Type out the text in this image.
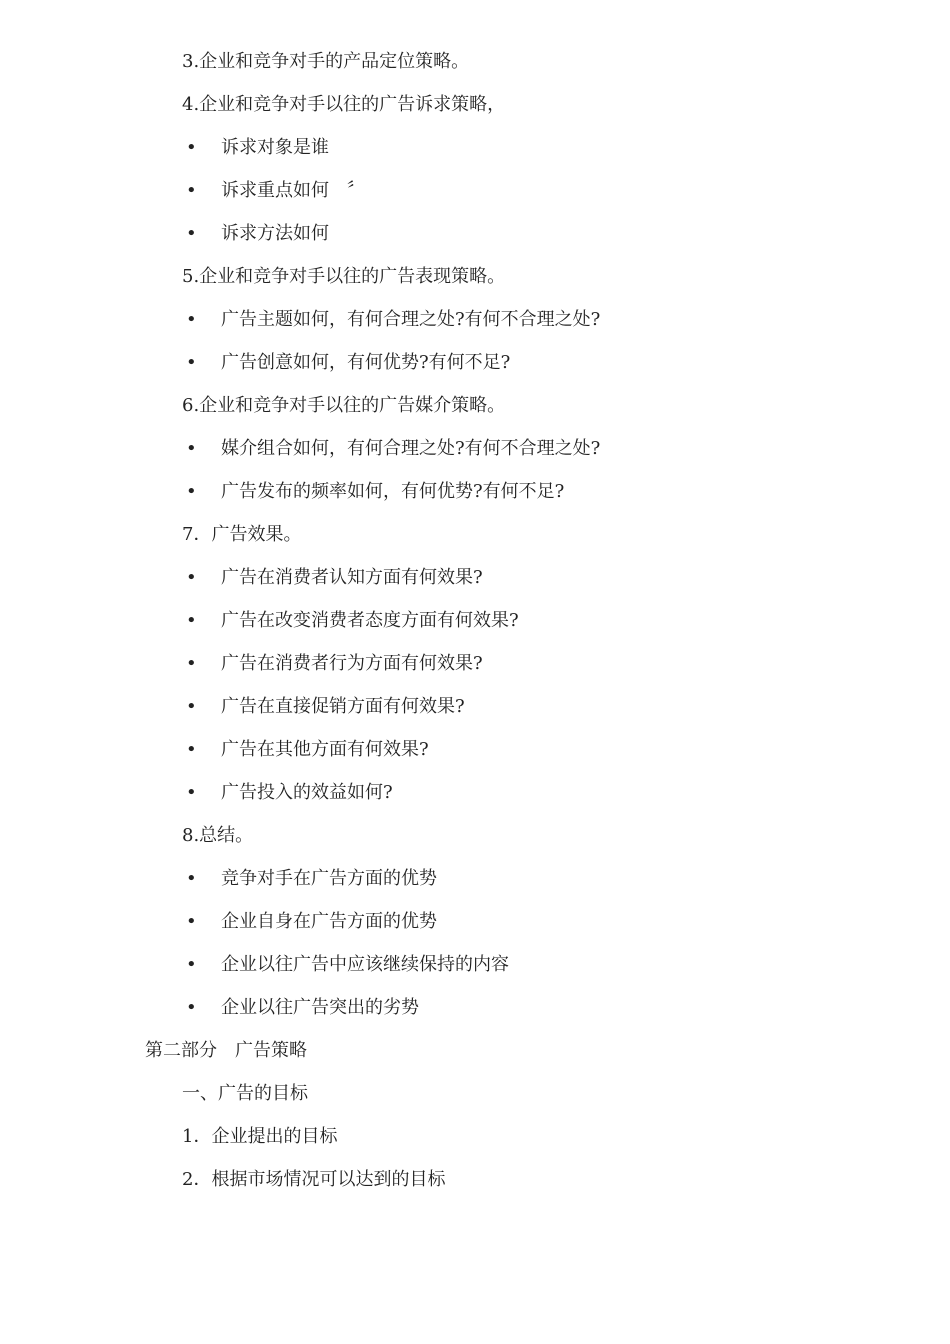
3.企业和竞争对手的产品定位策略。
4.企业和竞争对手以往的广告诉求策略，
• 诉求对象是谁
• 诉求重点如何　〞
• 诉求方法如何
5.企业和竞争对手以往的广告表现策略。
• 广告主题如何，有何合理之处?有何不合理之处?
• 广告创意如何，有何优势?有何不足?
6.企业和竞争对手以往的广告媒介策略。
• 媒介组合如何，有何合理之处?有何不合理之处?
• 广告发布的频率如何，有何优势?有何不足?
7．广告效果。
• 广告在消费者认知方面有何效果?
• 广告在改变消费者态度方面有何效果?
• 广告在消费者行为方面有何效果?
• 广告在直接促销方面有何效果?
• 广告在其他方面有何效果?
• 广告投入的效益如何?
8.总结。
• 竞争对手在广告方面的优势
• 企业自身在广告方面的优势
• 企业以往广告中应该继续保持的内容
• 企业以往广告突出的劣势
第二部分　广告策略
一、广告的目标
1．企业提出的目标
2．根据市场情况可以达到的目标
